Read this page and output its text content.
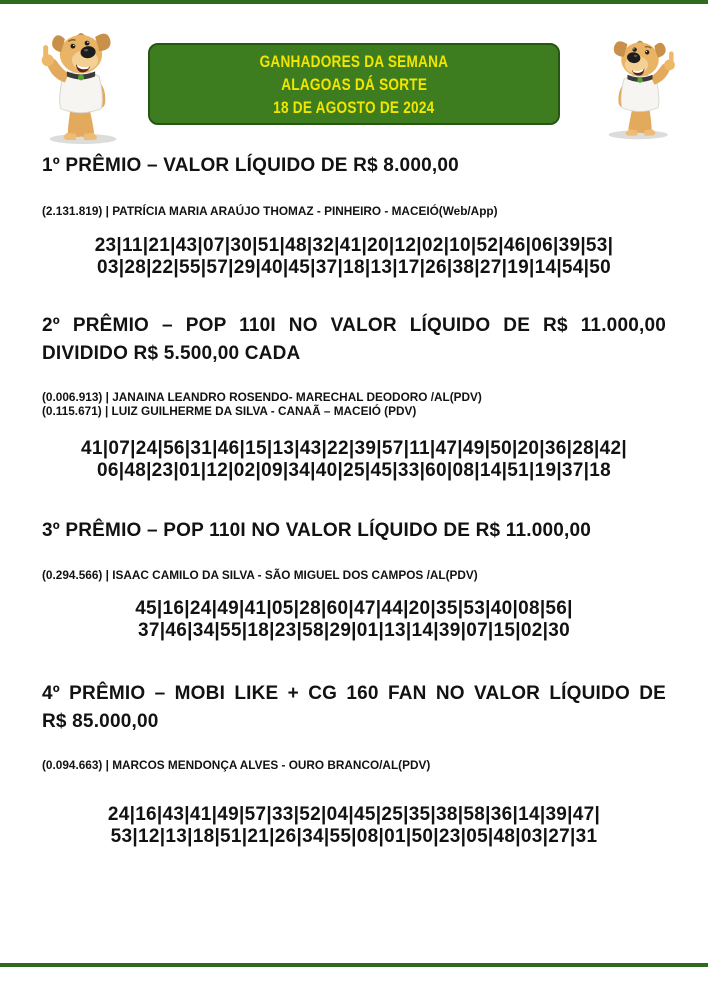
GANHADORES DA SEMANA
ALAGOAS DÁ SORTE
18 DE AGOSTO DE 2024
1º PRÊMIO – VALOR LÍQUIDO DE R$ 8.000,00

(2.131.819) | PATRÍCIA MARIA ARAÚJO THOMAZ - PINHEIRO - MACEIÓ(Web/App)

23|11|21|43|07|30|51|48|32|41|20|12|02|10|52|46|06|39|53|
03|28|22|55|57|29|40|45|37|18|13|17|26|38|27|19|14|54|50
2º PRÊMIO – POP 110I NO VALOR LÍQUIDO DE R$ 11.000,00
DIVIDIDO R$ 5.500,00 CADA

(0.006.913) | JANAINA LEANDRO ROSENDO- MARECHAL DEODORO /AL(PDV)

(0.115.671) | LUIZ GUILHERME DA SILVA - CANAÃ – MACEIÓ (PDV)

41|07|24|56|31|46|15|13|43|22|39|57|11|47|49|50|20|36|28|42|
06|48|23|01|12|02|09|34|40|25|45|33|60|08|14|51|19|37|18
3º PRÊMIO – POP 110I NO VALOR LÍQUIDO DE R$ 11.000,00

(0.294.566) | ISAAC CAMILO DA SILVA - SÃO MIGUEL DOS CAMPOS /AL(PDV)

45|16|24|49|41|05|28|60|47|44|20|35|53|40|08|56|
37|46|34|55|18|23|58|29|01|13|14|39|07|15|02|30
4º PRÊMIO – MOBI LIKE + CG 160 FAN NO VALOR LÍQUIDO DE
R$ 85.000,00

(0.094.663) | MARCOS MENDONÇA ALVES - OURO BRANCO/AL(PDV)

24|16|43|41|49|57|33|52|04|45|25|35|38|58|36|14|39|47|
53|12|13|18|51|21|26|34|55|08|01|50|23|05|48|03|27|31
